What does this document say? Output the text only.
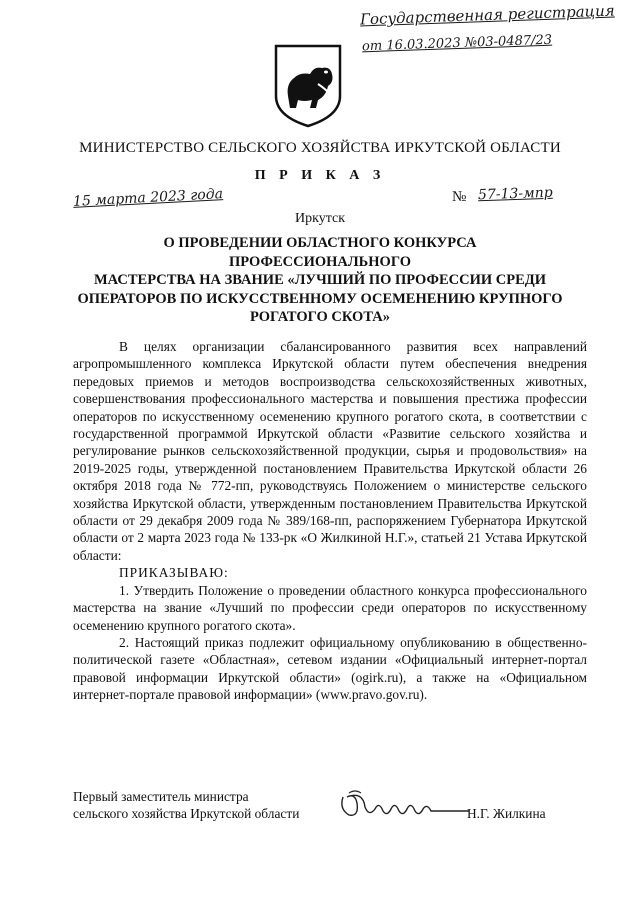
Государственная регистрация
от 16.03.2023 №03-0487/23
МИНИСТЕРСТВО СЕЛЬСКОГО ХОЗЯЙСТВА ИРКУТСКОЙ ОБЛАСТИ
П Р И К А З
15 марта 2023 года	№ 57-13-мпр
Иркутск
О ПРОВЕДЕНИИ ОБЛАСТНОГО КОНКУРСА
ПРОФЕССИОНАЛЬНОГО
МАСТЕРСТВА НА ЗВАНИЕ «ЛУЧШИЙ ПО ПРОФЕССИИ СРЕДИ
ОПЕРАТОРОВ ПО ИСКУССТВЕННОМУ ОСЕМЕНЕНИЮ КРУПНОГО
РОГАТОГО СКОТА»

В целях организации сбалансированного развития всех направлений агропромышленного комплекса Иркутской области путем обеспечения внедрения передовых приемов и методов воспроизводства сельскохозяйственных животных, совершенствования профессионального мастерства и повышения престижа профессии операторов по искусственному осеменению крупного рогатого скота, в соответствии с государственной программой Иркутской области «Развитие сельского хозяйства и регулирование рынков сельскохозяйственной продукции, сырья и продовольствия» на 2019-2025 годы, утвержденной постановлением Правительства Иркутской области 26 октября 2018 года № 772-пп, руководствуясь Положением о министерстве сельского хозяйства Иркутской области, утвержденным постановлением Правительства Иркутской области от 29 декабря 2009 года № 389/168-пп, распоряжением Губернатора Иркутской области от 2 марта 2023 года № 133-рк «О Жилкиной Н.Г.», статьей 21 Устава Иркутской области:

ПРИКАЗЫВАЮ:

1. Утвердить Положение о проведении областного конкурса профессионального мастерства на звание «Лучший по профессии среди операторов по искусственному осеменению крупного рогатого скота».

2. Настоящий приказ подлежит официальному опубликованию в общественно-политической газете «Областная», сетевом издании «Официальный интернет-портал правовой информации Иркутской области» (ogirk.ru), а также на «Официальном интернет-портале правовой информации» (www.pravo.gov.ru).

Первый заместитель министра
сельского хозяйства Иркутской области	Н.Г. Жилкина
